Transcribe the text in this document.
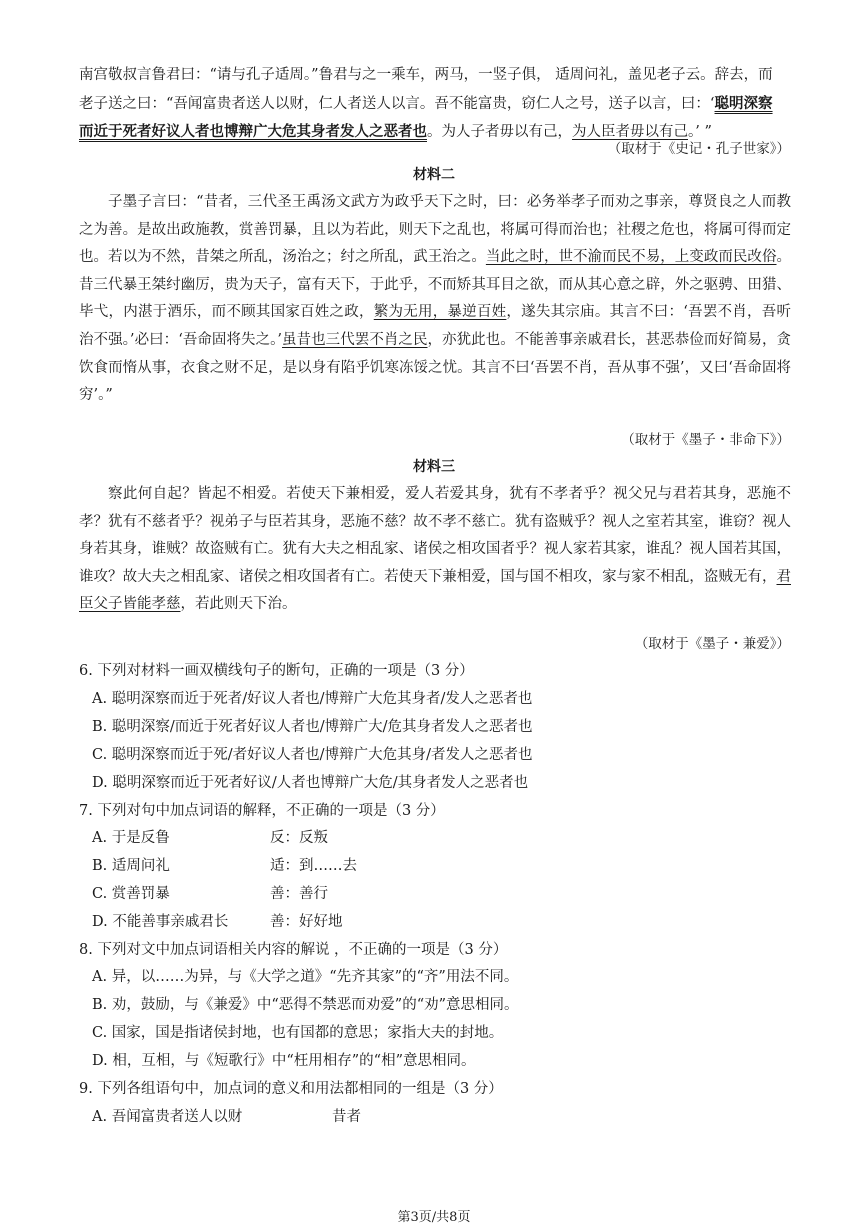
南宫敬叔言鲁君曰：“请与孔子适周。”鲁君与之一乘车，两马，一竖子俱， 适周问礼，盖见老子云。辞去，而
老子送之曰：“吾闻富贵者送人以财，仁人者送人以言。吾不能富贵，窃仁人之号，送子以言，曰：‘聪明深察
而近于死者好议人者也博辩广大危其身者发人之恶者也。为人子者毋以有己，为人臣者毋以有己。’ ”
（取材于《史记・孔子世家》）
材料二
子墨子言曰：“昔者，三代圣王禹汤文武方为政乎天下之时，曰：必务举孝子而劝之事亲，尊贤良之人而教之为善。是故出政施教，赏善罚暴，且以为若此，则天下之乱也，将属可得而治也；社稷之危也，将属可得而定也。若以为不然，昔桀之所乱，汤治之；纣之所乱，武王治之。当此之时，世不渝而民不易，上变政而民改俗。昔三代暴王桀纣幽厉，贵为天子，富有天下，于此乎，不而矫其耳目之欲，而从其心意之辟，外之驱骋、田猎、毕弋，内湛于酒乐，而不顾其国家百姓之政，繁为无用，暴逆百姓，遂失其宗庙。其言不曰：‘吾罢不肖，吾听治不强。’必曰：‘吾命固将失之。’虽昔也三代罢不肖之民，亦犹此也。不能善事亲戚君长，甚恶恭俭而好简易，贪饮食而惰从事，衣食之财不足，是以身有陷乎饥寒冻馁之忧。其言不曰‘吾罢不肖，吾从事不强’，又曰‘吾命固将穷’。”
（取材于《墨子・非命下》）
材料三
察此何自起？皆起不相爱。若使天下兼相爱，爱人若爱其身，犹有不孝者乎？视父兄与君若其身，恶施不孝？犹有不慈者乎？视弟子与臣若其身，恶施不慈？故不孝不慈亡。犹有盗贼乎？视人之室若其室，谁窃？视人身若其身，谁贼？故盗贼有亡。犹有大夫之相乱家、诸侯之相攻国者乎？视人家若其家，谁乱？视人国若其国，谁攻？故大夫之相乱家、诸侯之相攻国者有亡。若使天下兼相爱，国与国不相攻，家与家不相乱，盗贼无有，君臣父子皆能孝慈，若此则天下治。
（取材于《墨子・兼爱》）
6. 下列对材料一画双横线句子的断句，正确的一项是（3 分）
A. 聪明深察而近于死者/好议人者也/博辩广大危其身者/发人之恶者也
B. 聪明深察/而近于死者好议人者也/博辩广大/危其身者发人之恶者也
C. 聪明深察而近于死/者好议人者也/博辩广大危其身/者发人之恶者也
D. 聪明深察而近于死者好议/人者也博辩广大危/其身者发人之恶者也
7. 下列对句中加点词语的解释，不正确的一项是（3 分）
A. 于是反鲁	反：反叛
B. 适周问礼	适：到……去
C. 赏善罚暴	善：善行
D. 不能善事亲戚君长	善：好好地
8. 下列对文中加点词语相关内容的解说 ，不正确的一项是（3 分）
A. 异，以……为异，与《大学之道》“先齐其家”的“齐”用法不同。
B. 劝，鼓励，与《兼爱》中“恶得不禁恶而劝爱”的“劝”意思相同。
C. 国家，国是指诸侯封地，也有国都的意思；家指大夫的封地。
D. 相，互相，与《短歌行》中“枉用相存”的“相”意思相同。
9. 下列各组语句中，加点词的意义和用法都相同的一组是（3 分）
A. 吾闻富贵者送人以财	昔者
第3页/共8页
